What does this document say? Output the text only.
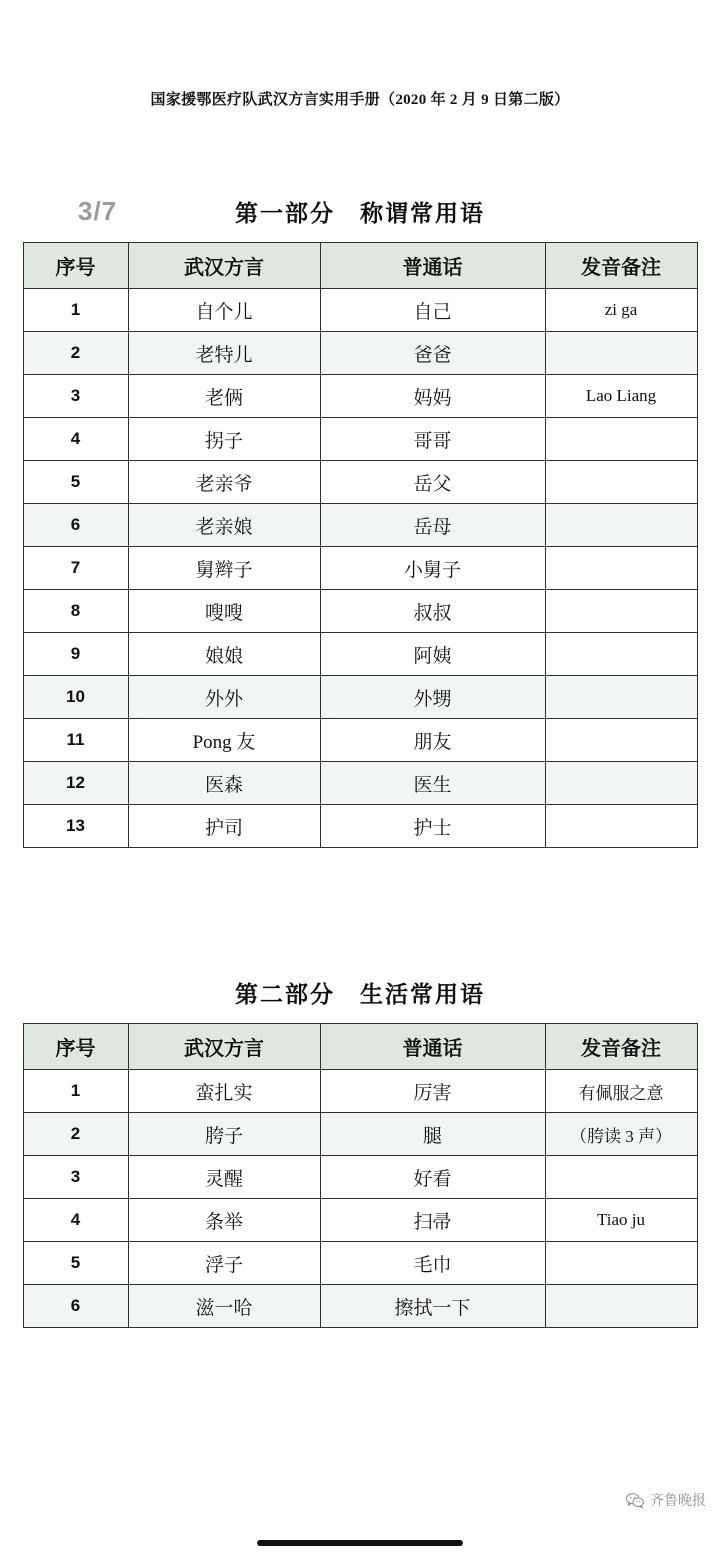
国家援鄂医疗队武汉方言实用手册（2020 年 2 月 9 日第二版）
3/7	第一部分　称谓常用语
序号	武汉方言	普通话	发音备注
1	自个儿	自己	zi ga
2	老特儿	爸爸	
3	老俩	妈妈	Lao Liang
4	拐子	哥哥	
5	老亲爷	岳父	
6	老亲娘	岳母	
7	舅辫子	小舅子	
8	嗖嗖	叔叔	
9	娘娘	阿姨	
10	外外	外甥	
11	Pong 友	朋友	
12	医森	医生	
13	护司	护士	
第二部分　生活常用语
序号	武汉方言	普通话	发音备注
1	蛮扎实	厉害	有佩服之意
2	胯子	腿	（胯读 3 声）
3	灵醒	好看	
4	条举	扫帚	Tiao ju
5	浮子	毛巾	
6	滋一哈	擦拭一下	
齐鲁晚报
